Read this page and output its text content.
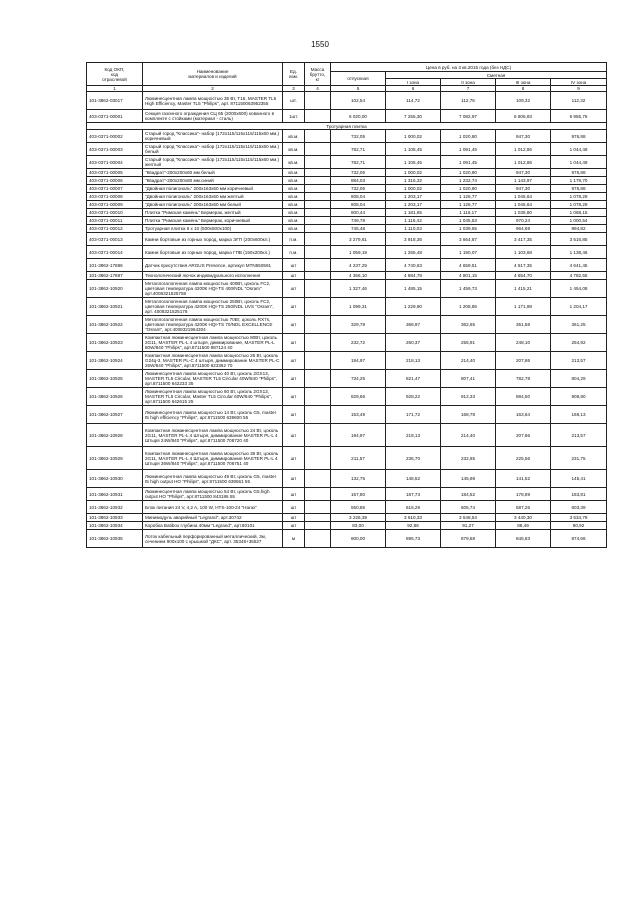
1550
Код ОКП,
код
отраслевой	Наименование
материалов и изделий	Ед.
изм.	Масса
брутто,
кг	Цена в руб. на 3 кв.2015 года (без НДС)				
				отпускная	Сметная			
					I зона	II зона	III зона	IV зона
1	2	3	4	5	6	7	8	9
101-3862-03017	Люминесцентная лампа мощностью 35 Вт, Т16, MASTER TL5 High Efficiency, Master TL5 "Philips", арт. 871150063952355	шт.		102,54	114,72	112,76	109,32	112,32
403-0371-00001	Секция газонного ограждения СЦ 65 (2000х600) кованного в комплекте с стойками (материал - сталь)	1шт.		6 020,00	7 255,30	7 082,97	6 806,93	6 955,76
Тротуарная плитка								
403-0371-00002	Старый город "Классика"- набор (172х115/115х115/115х60 мм.) коричневый	кв.м.		732,05	1 000,02	1 020,80	947,30	976,88
403-0371-00003	Старый город "Классика"- набор (172х115/115х115/115х60 мм.) белый	кв.м.		782,71	1 105,45	1 091,45	1 012,86	1 044,49
403-0371-00004	Старый город "Классика"- набор (172х115/115х115/115х60 мм.) желтый	кв.м.		782,71	1 105,45	1 091,45	1 012,86	1 044,49
403-0371-00005	"Квадрат"-200х200х60 мм белый	кв.м.		732,05	1 000,02	1 020,80	947,30	976,88
403-0371-00006	"Квадрат"-200х200х80 мм.синий	кв.м.		884,03	1 316,32	1 232,74	1 143,97	1 179,70
403-0371-00007	"Двойная полигональ" 200х163х60 мм коричневый	кв.м.		732,05	1 000,02	1 020,80	947,30	976,88
403-0371-00008	"Двойная полигональ" 200х163х60 мм желтый	кв.м.		808,04	1 203,17	1 126,77	1 045,64	1 078,29
403-0371-00009	"Двойная полигональ" 200х163х60 мм белый	кв.м.		808,04	1 203,17	1 126,77	1 045,64	1 078,29
403-0371-00010	Плитка "Римская камень" Бермерак, желтый	кв.м.		800,44	1 181,65	1 116,17	1 035,80	1 068,15
403-0371-00011	Плитка "Римская камень" Бермерак, коричневый	кв.м.		749,78	1 116,42	1 045,53	970,24	1 000,54
403-0371-00012	Тротуарная плитка 6 х 10 (500х500х100)	кв.м.		745,48	1 110,03	1 039,55	964,69	994,82
403-0371-00013	Камни бортовые из горных пород, марка ЭГП (200х600кл.)	п.м.		3 279,61	3 918,36	3 664,87	3 417,35	3 516,85
403-0371-00014	Камни бортовые из горных пород, марка ГПВ (150х200кл.)	п.м.		1 059,19	1 265,48	1 190,07	1 103,68	1 138,46
101-3862-17886	Датчик присутствия ARGUS Presence, артикул MTN550591	шт		4 237,29	4 740,63	4 659,51	4 517,35	4 641,45
101-3862-17887	Технологический лючок индивидуального исполнения	шт		4 366,10	4 884,78	4 801,15	4 654,70	4 782,55
101-3862-10920	Металлогалогенная лампа мощностью 400Вт, цоколь FC2, цветовая температура 4200К HQI-TS 400/NDL "Osram" арт.4008321525758	шт		1 327,46	1 485,15	1 459,73	1 415,21	1 454,08
101-3862-10921	Металлогалогенная лампа мощностью 250Вт, цоколь FC2, цветовая температура 4200К HQI-TS 250/NDL UVS "Osram", арт. 4008321525178	шт		1 099,31	1 229,90	1 208,86	1 171,98	1 204,17
101-3862-10922	Металлогалогенная лампа мощностью 70Вт, цоколь RX7s, цветовая температура 4200К HQI-TS 70/NDL EXCELLENCE "Osram", арт.4008321964304	шт		329,79	368,97	362,65	351,58	361,25
101-3862-10923	Компактная люминесцентная лампа мощностью 80Вт, цоколь 2G11, MASTER PL-L 4 штыря, диммирование, MASTER PL-L 80W/840 "Philips", арт.8711500 987124 40	шт		232,72	260,37	255,91	248,10	254,92
101-3862-10924	Компактная люминесцентная лампа мощностью 26 Вт, цоколь G24q-3, MASTER PL-C 4 штыря, диммирование MASTER PL-C 26W/840 "Philips", арт.8711500 623362 70	шт		194,97	218,13	214,40	207,86	213,57
101-3862-10925	Люминесцентная лампа мощностью 40 Вт, цоколь 2GX13, MASTER TL5 Circular, MASTER TL5 Circular 40W/840 "Philips", арт.8711500 642233 35	шт		734,25	821,47	807,41	782,78	804,29
101-3862-10926	Люминесцентная лампа мощностью 60 Вт, цоколь 2GX13, MASTER TL5 Circular, Master TL5 Circular 60W/840 "Philips", арт.8711500 642615 25	шт		829,66	928,22	912,33	884,50	908,80
101-3862-10927	Люминесцентная лампа мощностью 14 Вт, цоколь G5, master t5 high efficiency "Philips", арт.8711500 639600 55	шт		153,49	171,72	168,78	163,64	168,13
101-3862-10928	Компактная люминесцентная лампа мощностью 24 Вт, цоколь 2G11, MASTER PL-L 4 Штыря, диммирование MASTER PL-L 4 Штыря 24W/840 "Philips", арт.8711500 708720 40	шт		194,97	218,13	214,40	207,86	213,57
101-3862-10929	Компактная люминесцентная лампа мощностью 36 Вт, цоколь 2G11, MASTER PL-L 4 Штыря, диммирование MASTER PL-L 4 Штыря 36W/840 "Philips", арт.8711500 706751 40	шт		211,57	236,70	232,65	225,56	231,75
101-3862-10930	Люминесцентная лампа мощностью 49 Вт, цоколь G5, master t5 high output HO "Philips", арт.8711500 639561 55	шт		132,75	148,52	145,98	141,52	145,41
101-3862-10931	Люминесцентная лампа мощностью 54 Вт, цоколь G5,high output HO "Philips", арт.8711500 843186 55	шт		167,80	187,73	184,52	178,89	183,81
101-3862-10932	Блок питания 24 V, 4,2 A, 100 W, HTS-100-24 "Harax"	шт		550,85	616,29	605,74	587,26	603,39
101-3862-10933	Минимодуль аварийный "Legrand", арт.30742	шт		3 226,39	3 610,33	3 548,54	3 440,30	3 534,79
101-3862-10934	Коробка Batibox глубина 40мм "Legrand", арт.80101	шт		83,00	92,86	91,27	88,49	90,92
101-3862-10935	Лоток кабельный перфорированный металлический, 3м, сечением 900х100 с крышкой "ДКС", арт. 35348+35527	м		800,00	895,73	879,68	845,83	874,66
